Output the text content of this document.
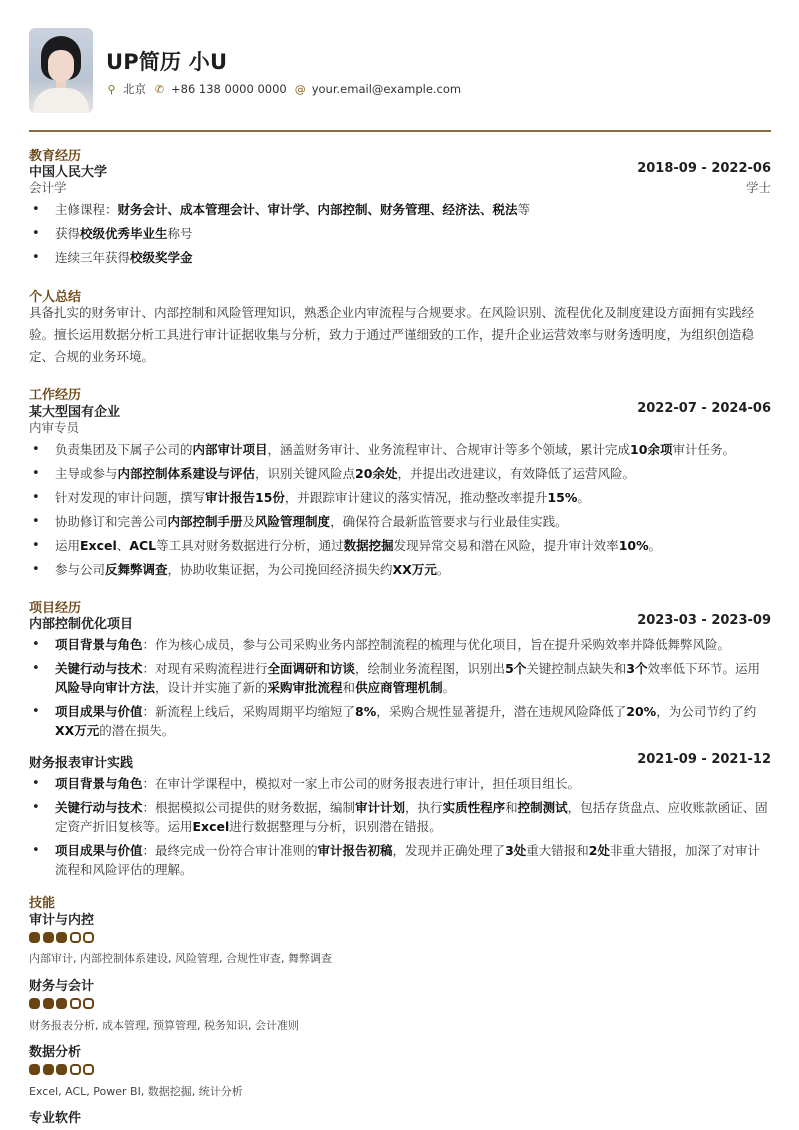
UP简历 小U
⚲ 北京 ✆ +86 138 0000 0000 @ your.email@example.com
教育经历
中国人民大学	2018-09 - 2022-06
会计学	学士
• 主修课程：财务会计、成本管理会计、审计学、内部控制、财务管理、经济法、税法等
• 获得校级优秀毕业生称号
• 连续三年获得校级奖学金
个人总结
具备扎实的财务审计、内部控制和风险管理知识，熟悉企业内审流程与合规要求。在风险识别、流程优化及制度建设方面拥有实践经验。擅长运用数据分析工具进行审计证据收集与分析，致力于通过严谨细致的工作，提升企业运营效率与财务透明度，为组织创造稳定、合规的业务环境。
工作经历
某大型国有企业	2022-07 - 2024-06
内审专员
• 负责集团及下属子公司的内部审计项目，涵盖财务审计、业务流程审计、合规审计等多个领域，累计完成10余项审计任务。
• 主导或参与内部控制体系建设与评估，识别关键风险点20余处，并提出改进建议，有效降低了运营风险。
• 针对发现的审计问题，撰写审计报告15份，并跟踪审计建议的落实情况，推动整改率提升15%。
• 协助修订和完善公司内部控制手册及风险管理制度，确保符合最新监管要求与行业最佳实践。
• 运用Excel、ACL等工具对财务数据进行分析，通过数据挖掘发现异常交易和潜在风险，提升审计效率10%。
• 参与公司反舞弊调查，协助收集证据，为公司挽回经济损失约XX万元。
项目经历
内部控制优化项目	2023-03 - 2023-09
• 项目背景与角色：作为核心成员，参与公司采购业务内部控制流程的梳理与优化项目，旨在提升采购效率并降低舞弊风险。
• 关键行动与技术：对现有采购流程进行全面调研和访谈，绘制业务流程图，识别出5个关键控制点缺失和3个效率低下环节。运用风险导向审计方法，设计并实施了新的采购审批流程和供应商管理机制。
• 项目成果与价值：新流程上线后，采购周期平均缩短了8%，采购合规性显著提升，潜在违规风险降低了20%，为公司节约了约XX万元的潜在损失。
财务报表审计实践	2021-09 - 2021-12
• 项目背景与角色：在审计学课程中，模拟对一家上市公司的财务报表进行审计，担任项目组长。
• 关键行动与技术：根据模拟公司提供的财务数据，编制审计计划，执行实质性程序和控制测试，包括存货盘点、应收账款函证、固定资产折旧复核等。运用Excel进行数据整理与分析，识别潜在错报。
• 项目成果与价值：最终完成一份符合审计准则的审计报告初稿，发现并正确处理了3处重大错报和2处非重大错报，加深了对审计流程和风险评估的理解。
技能
审计与内控
内部审计, 内部控制体系建设, 风险管理, 合规性审查, 舞弊调查
财务与会计
财务报表分析, 成本管理, 预算管理, 税务知识, 会计准则
数据分析
Excel, ACL, Power BI, 数据挖掘, 统计分析
专业软件
